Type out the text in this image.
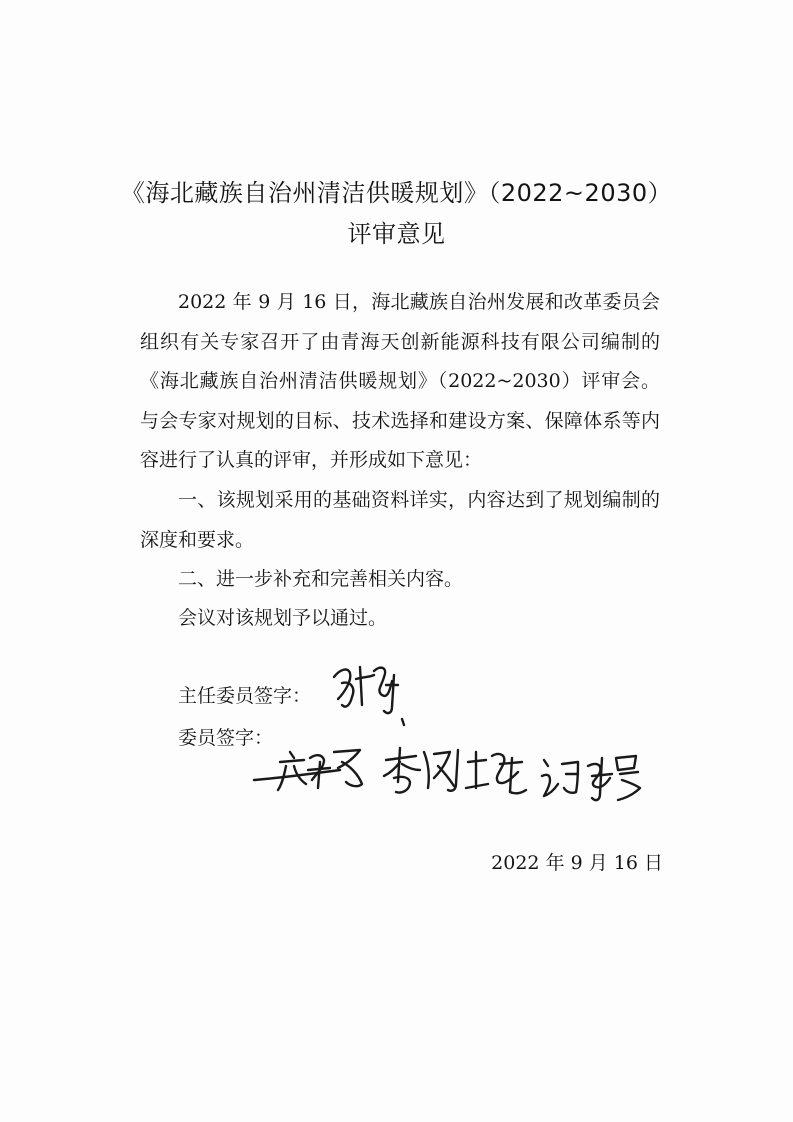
《海北藏族自治州清洁供暖规划》（2022~2030）
评审意见
2022 年 9 月 16 日，海北藏族自治州发展和改革委员会组织有关专家召开了由青海天创新能源科技有限公司编制的《海北藏族自治州清洁供暖规划》（2022~2030）评审会。与会专家对规划的目标、技术选择和建设方案、保障体系等内容进行了认真的评审，并形成如下意见：
一、该规划采用的基础资料详实，内容达到了规划编制的深度和要求。
二、进一步补充和完善相关内容。
会议对该规划予以通过。
主任委员签字：
委员签字：
2022 年 9 月 16 日
